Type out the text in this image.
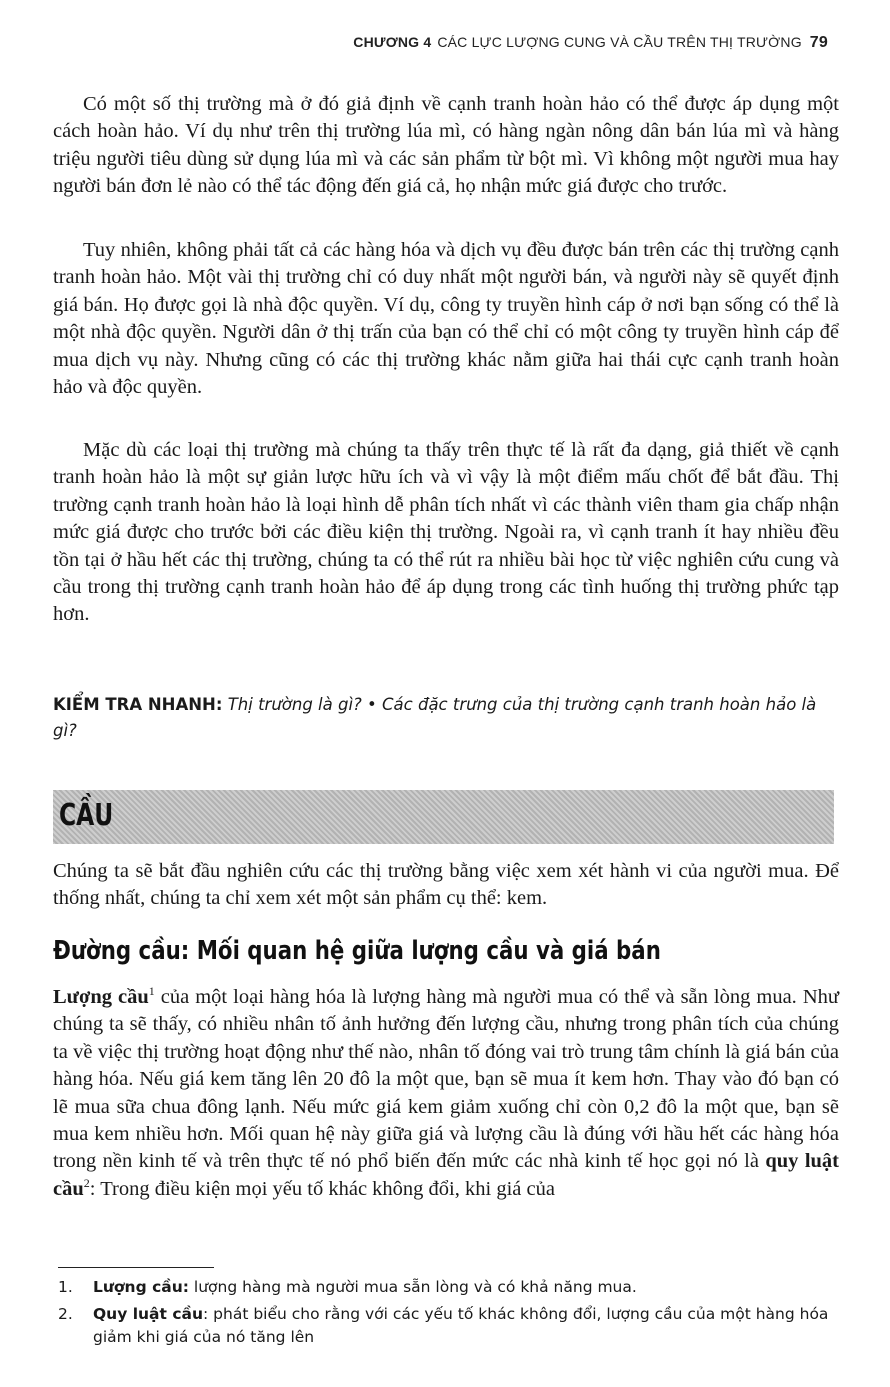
CHƯƠNG 4 CÁC LỰC LƯỢNG CUNG VÀ CẦU TRÊN THỊ TRƯỜNG 79

Có một số thị trường mà ở đó giả định về cạnh tranh hoàn hảo có thể được áp dụng một cách hoàn hảo. Ví dụ như trên thị trường lúa mì, có hàng ngàn nông dân bán lúa mì và hàng triệu người tiêu dùng sử dụng lúa mì và các sản phẩm từ bột mì. Vì không một người mua hay người bán đơn lẻ nào có thể tác động đến giá cả, họ nhận mức giá được cho trước.

Tuy nhiên, không phải tất cả các hàng hóa và dịch vụ đều được bán trên các thị trường cạnh tranh hoàn hảo. Một vài thị trường chỉ có duy nhất một người bán, và người này sẽ quyết định giá bán. Họ được gọi là nhà độc quyền. Ví dụ, công ty truyền hình cáp ở nơi bạn sống có thể là một nhà độc quyền. Người dân ở thị trấn của bạn có thể chỉ có một công ty truyền hình cáp để mua dịch vụ này. Nhưng cũng có các thị trường khác nằm giữa hai thái cực cạnh tranh hoàn hảo và độc quyền.

Mặc dù các loại thị trường mà chúng ta thấy trên thực tế là rất đa dạng, giả thiết về cạnh tranh hoàn hảo là một sự giản lược hữu ích và vì vậy là một điểm mấu chốt để bắt đầu. Thị trường cạnh tranh hoàn hảo là loại hình dễ phân tích nhất vì các thành viên tham gia chấp nhận mức giá được cho trước bởi các điều kiện thị trường. Ngoài ra, vì cạnh tranh ít hay nhiều đều tồn tại ở hầu hết các thị trường, chúng ta có thể rút ra nhiều bài học từ việc nghiên cứu cung và cầu trong thị trường cạnh tranh hoàn hảo để áp dụng trong các tình huống thị trường phức tạp hơn.

KIỂM TRA NHANH: Thị trường là gì? • Các đặc trưng của thị trường cạnh tranh hoàn hảo là gì?
CẦU

Chúng ta sẽ bắt đầu nghiên cứu các thị trường bằng việc xem xét hành vi của người mua. Để thống nhất, chúng ta chỉ xem xét một sản phẩm cụ thể: kem.

Đường cầu: Mối quan hệ giữa lượng cầu và giá bán

Lượng cầu$^1$ của một loại hàng hóa là lượng hàng mà người mua có thể và sẵn lòng mua. Như chúng ta sẽ thấy, có nhiều nhân tố ảnh hưởng đến lượng cầu, nhưng trong phân tích của chúng ta về việc thị trường hoạt động như thế nào, nhân tố đóng vai trò trung tâm chính là giá bán của hàng hóa. Nếu giá kem tăng lên 20 đô la một que, bạn sẽ mua ít kem hơn. Thay vào đó bạn có lẽ mua sữa chua đông lạnh. Nếu mức giá kem giảm xuống chỉ còn 0,2 đô la một que, bạn sẽ mua kem nhiều hơn. Mối quan hệ này giữa giá và lượng cầu là đúng với hầu hết các hàng hóa trong nền kinh tế và trên thực tế nó phổ biến đến mức các nhà kinh tế học gọi nó là quy luật cầu$^2$: Trong điều kiện mọi yếu tố khác không đổi, khi giá của

1. Lượng cầu: lượng hàng mà người mua sẵn lòng và có khả năng mua.
2. Quy luật cầu: phát biểu cho rằng với các yếu tố khác không đổi, lượng cầu của một hàng hóa giảm khi giá của nó tăng lên
